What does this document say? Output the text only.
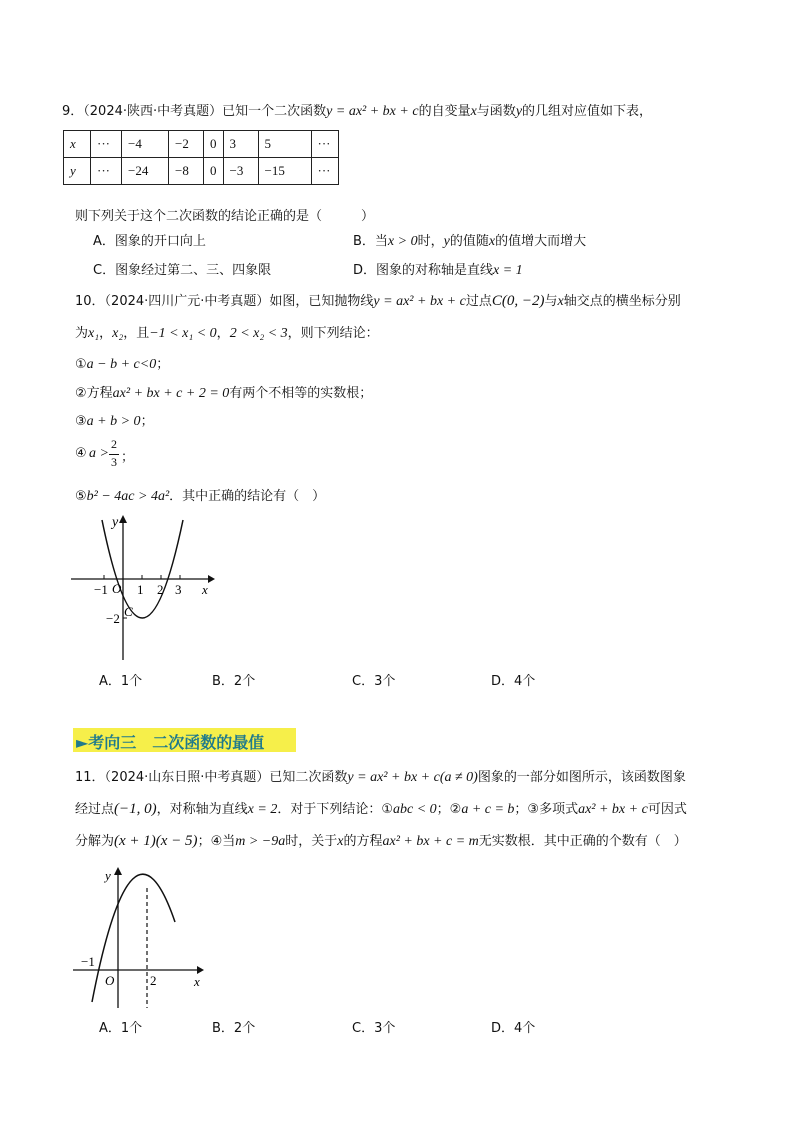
9．（2024·陕西·中考真题）已知一个二次函数y = ax² + bx + c的自变量x与函数y的几组对应值如下表，
x	···	−4	−2	0	3	5	···
y	···	−24	−8	0	−3	−15	···
则下列关于这个二次函数的结论正确的是（　　　）
A．图象的开口向上	B．当x > 0时，y的值随x的值增大而增大
C．图象经过第二、三、四象限	D．图象的对称轴是直线x = 1
10．（2024·四川广元·中考真题）如图，已知抛物线y = ax² + bx + c过点C(0, −2)与x轴交点的横坐标分别
为x₁，x₂，且−1 < x₁ < 0，2 < x₂ < 3，则下列结论：
①a − b + c<0；
②方程ax² + bx + c + 2 = 0有两个不相等的实数根；
③a + b > 0；
④ a >
2
3 ；
⑤b² − 4ac > 4a²．其中正确的结论有（　）
y
x
O
C
−1 1 2 3
−2
A．1个	B．2个	C．3个	D．4个
►考向三　二次函数的最值
11．（2024·山东日照·中考真题）已知二次函数y = ax² + bx + c(a ≠ 0)图象的一部分如图所示，该函数图象
经过点(−1, 0)，对称轴为直线x = 2．对于下列结论：①abc < 0；②a + c = b；③多项式ax² + bx + c可因式
分解为(x + 1)(x − 5)；④当m > −9a时，关于x的方程ax² + bx + c = m无实数根．其中正确的个数有（　）
y
x
O
−1
2
A．1个	B．2个	C．3个	D．4个
